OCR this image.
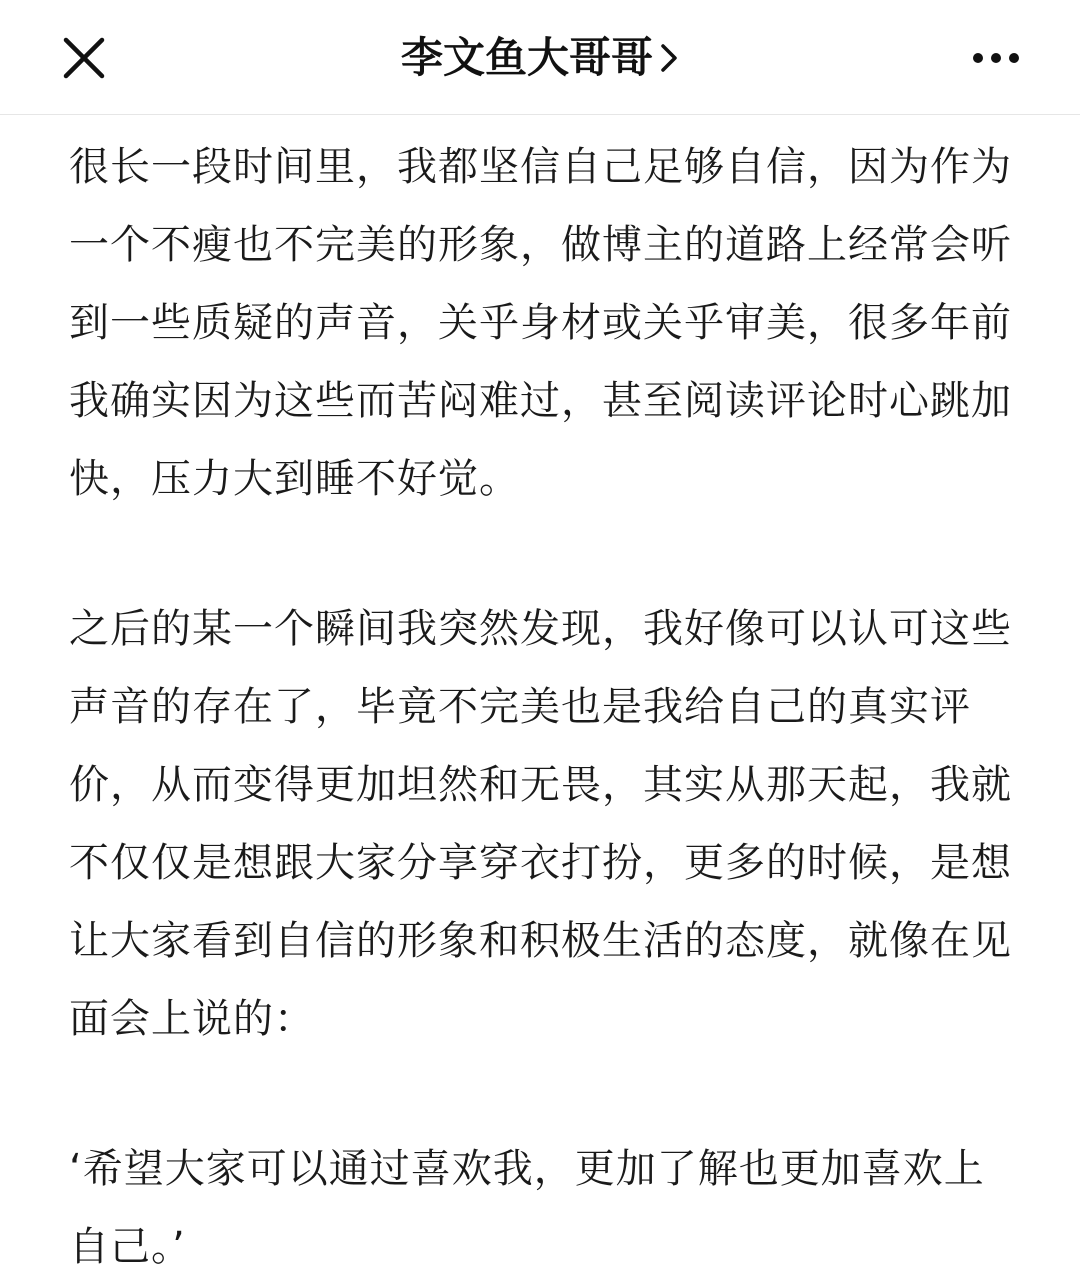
李文鱼大哥哥

很长一段时间里，我都坚信自己足够自信，因为作为一个不瘦也不完美的形象，做博主的道路上经常会听到一些质疑的声音，关乎身材或关乎审美，很多年前我确实因为这些而苦闷难过，甚至阅读评论时心跳加快，压力大到睡不好觉。

之后的某一个瞬间我突然发现，我好像可以认可这些声音的存在了，毕竟不完美也是我给自己的真实评价，从而变得更加坦然和无畏，其实从那天起，我就不仅仅是想跟大家分享穿衣打扮，更多的时候，是想让大家看到自信的形象和积极生活的态度，就像在见面会上说的：

‘希望大家可以通过喜欢我，更加了解也更加喜欢上自己。’
